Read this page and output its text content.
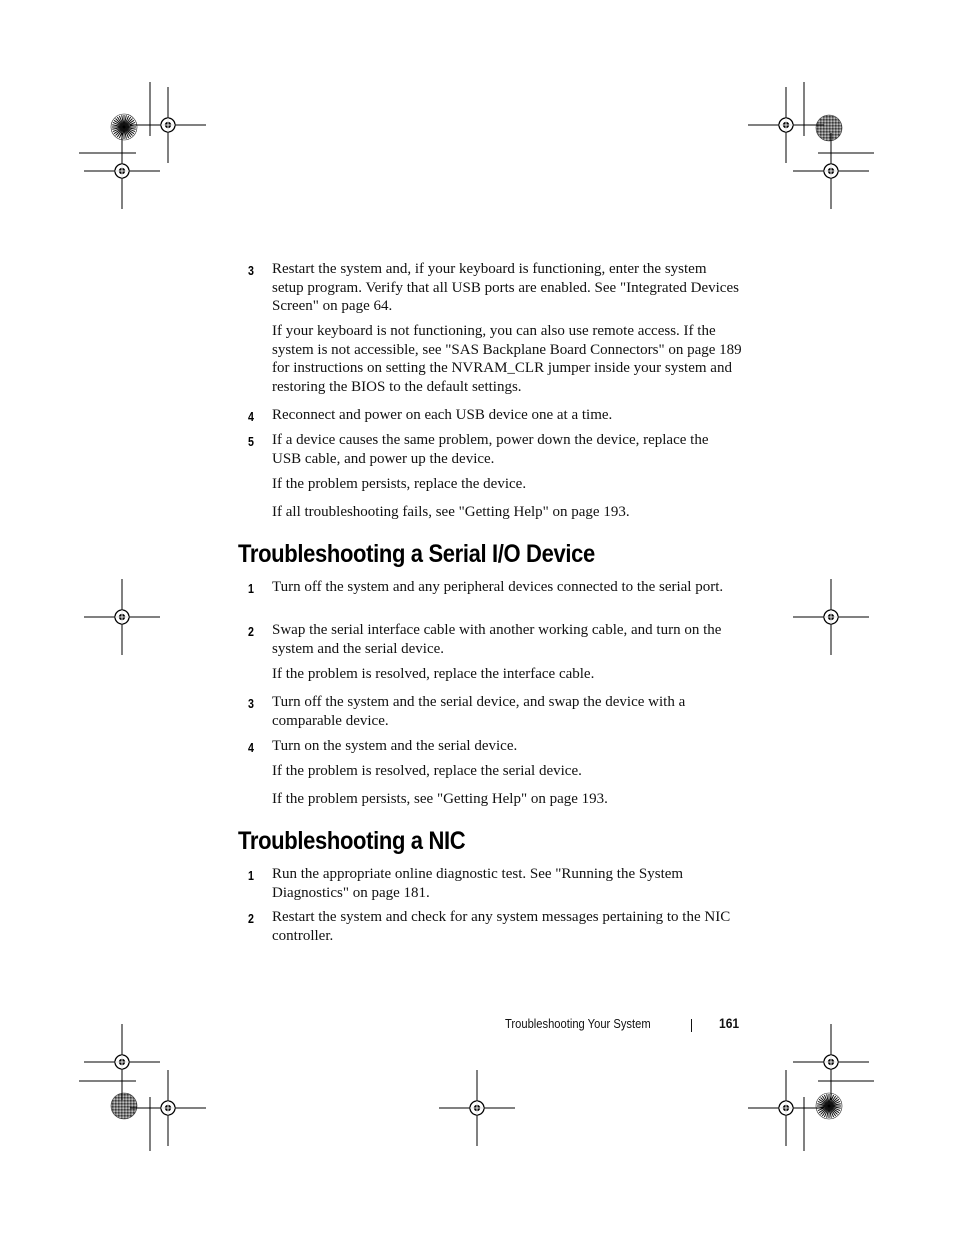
3 Restart the system and, if your keyboard is functioning, enter the system setup program. Verify that all USB ports are enabled. See "Integrated Devices Screen" on page 64.
If your keyboard is not functioning, you can also use remote access. If the system is not accessible, see "SAS Backplane Board Connectors" on page 189 for instructions on setting the NVRAM_CLR jumper inside your system and restoring the BIOS to the default settings.
4 Reconnect and power on each USB device one at a time.
5 If a device causes the same problem, power down the device, replace the USB cable, and power up the device.
If the problem persists, replace the device.
If all troubleshooting fails, see "Getting Help" on page 193.
Troubleshooting a Serial I/O Device
1 Turn off the system and any peripheral devices connected to the serial port.
2 Swap the serial interface cable with another working cable, and turn on the system and the serial device.
If the problem is resolved, replace the interface cable.
3 Turn off the system and the serial device, and swap the device with a comparable device.
4 Turn on the system and the serial device.
If the problem is resolved, replace the serial device.
If the problem persists, see "Getting Help" on page 193.
Troubleshooting a NIC
1 Run the appropriate online diagnostic test. See "Running the System Diagnostics" on page 181.
2 Restart the system and check for any system messages pertaining to the NIC controller.
Troubleshooting Your System	161
